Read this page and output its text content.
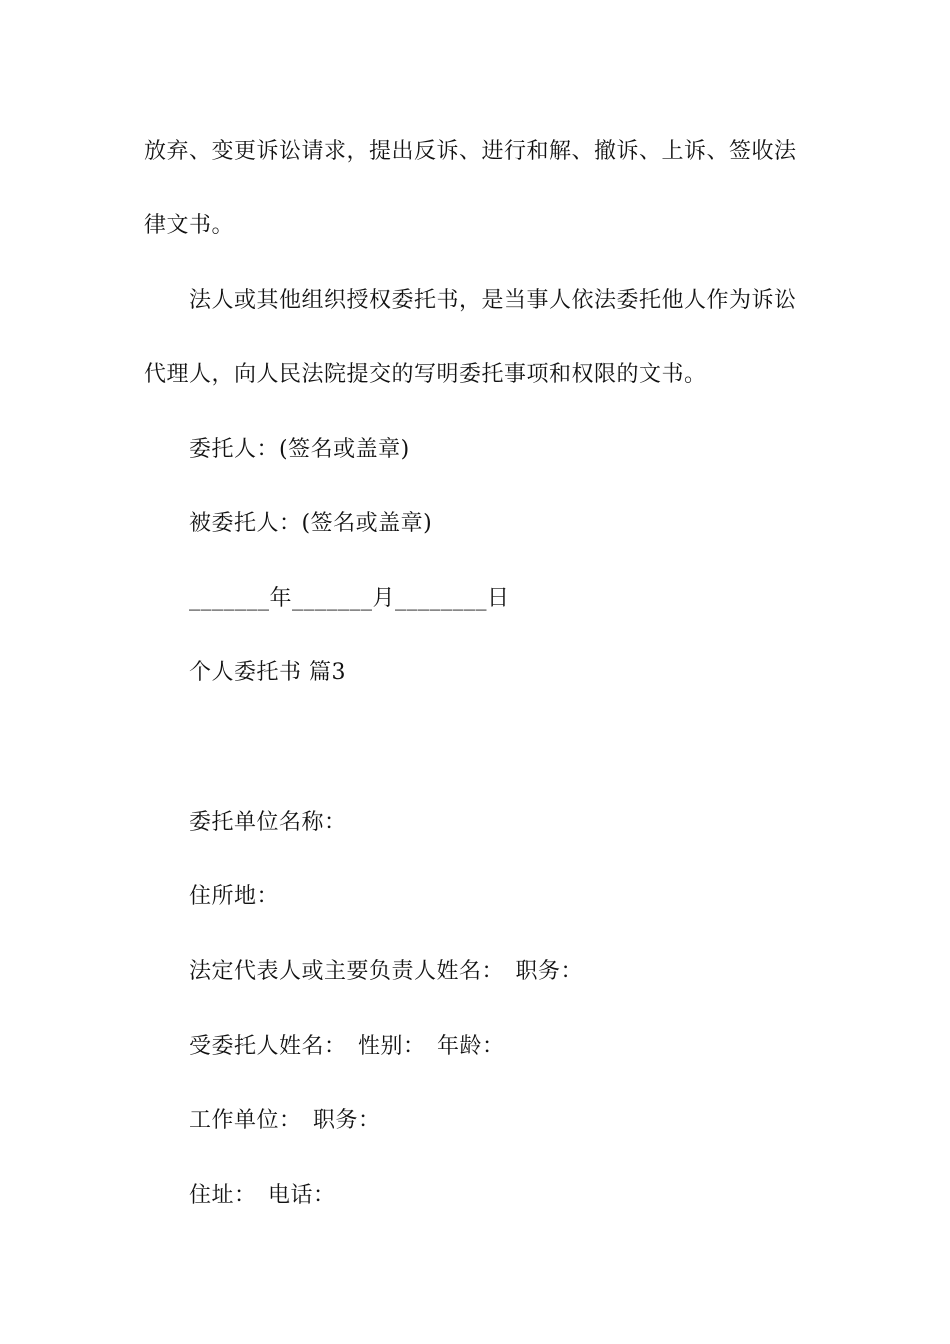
放弃、变更诉讼请求，提出反诉、进行和解、撤诉、上诉、签收法
律文书。
法人或其他组织授权委托书，是当事人依法委托他人作为诉讼
代理人，向人民法院提交的写明委托事项和权限的文书。
委托人：(签名或盖章)
被委托人：(签名或盖章)
_______年_______月________日
个人委托书 篇3
委托单位名称：
住所地：
法定代表人或主要负责人姓名：　职务：
受委托人姓名：　性别：　年龄：
工作单位：　职务：
住址：　电话：
